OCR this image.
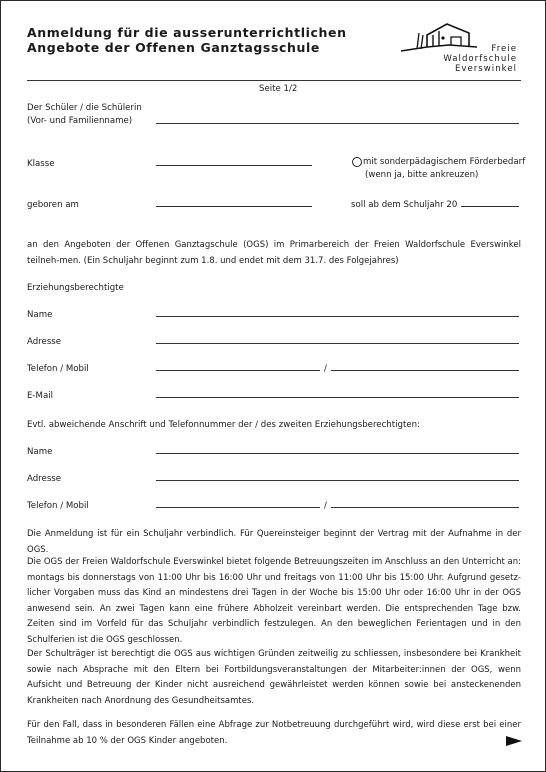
Anmeldung für die ausserunterrichtlichen
Angebote der Offenen Ganztagsschule	Freie
Waldorfschule
Everswinkel
Seite 1/2
Der Schüler / die Schülerin
(Vor- und Familienname)
Klasse	mit sonderpädagischem Förderbedarf
(wenn ja, bitte ankreuzen)
geboren am	soll ab dem Schuljahr 20
an den Angeboten der Offenen Ganztagschule (OGS) im Primarbereich der Freien Waldorfschule Everswinkel teilneh-men. (Ein Schuljahr beginnt zum 1.8. und endet mit dem 31.7. des Folgejahres)
Erziehungsberechtigte
Name
Adresse
Telefon / Mobil	/
E-Mail
Evtl. abweichende Anschrift und Telefonnummer der / des zweiten Erziehungsberechtigten:
Name
Adresse
Telefon / Mobil	/
Die Anmeldung ist für ein Schuljahr verbindlich. Für Quereinsteiger beginnt der Vertrag mit der Aufnahme in der OGS.
Die OGS der Freien Waldorfschule Everswinkel bietet folgende Betreuungszeiten im Anschluss an den Unterricht an: montags bis donnerstags von 11:00 Uhr bis 16:00 Uhr und freitags von 11:00 Uhr bis 15:00 Uhr. Aufgrund gesetz-licher Vorgaben muss das Kind an mindestens drei Tagen in der Woche bis 15:00 Uhr oder 16:00 Uhr in der OGS anwesend sein. An zwei Tagen kann eine frühere Abholzeit vereinbart werden. Die entsprechenden Tage bzw. Zeiten sind im Vorfeld für das Schuljahr verbindlich festzulegen. An den beweglichen Ferientagen und in den Schulferien ist die OGS geschlossen.
Der Schulträger ist berechtigt die OGS aus wichtigen Gründen zeitweilig zu schliessen, insbesondere bei Krankheit sowie nach Absprache mit den Eltern bei Fortbildungsveranstaltungen der Mitarbeiter:innen der OGS, wenn Aufsicht und Betreuung der Kinder nicht ausreichend gewährleistet werden können sowie bei ansteckenenden Krankheiten nach Anordnung des Gesundheitsamtes.
Für den Fall, dass in besonderen Fällen eine Abfrage zur Notbetreuung durchgeführt wird, wird diese erst bei einer Teilnahme ab 10 % der OGS Kinder angeboten.
